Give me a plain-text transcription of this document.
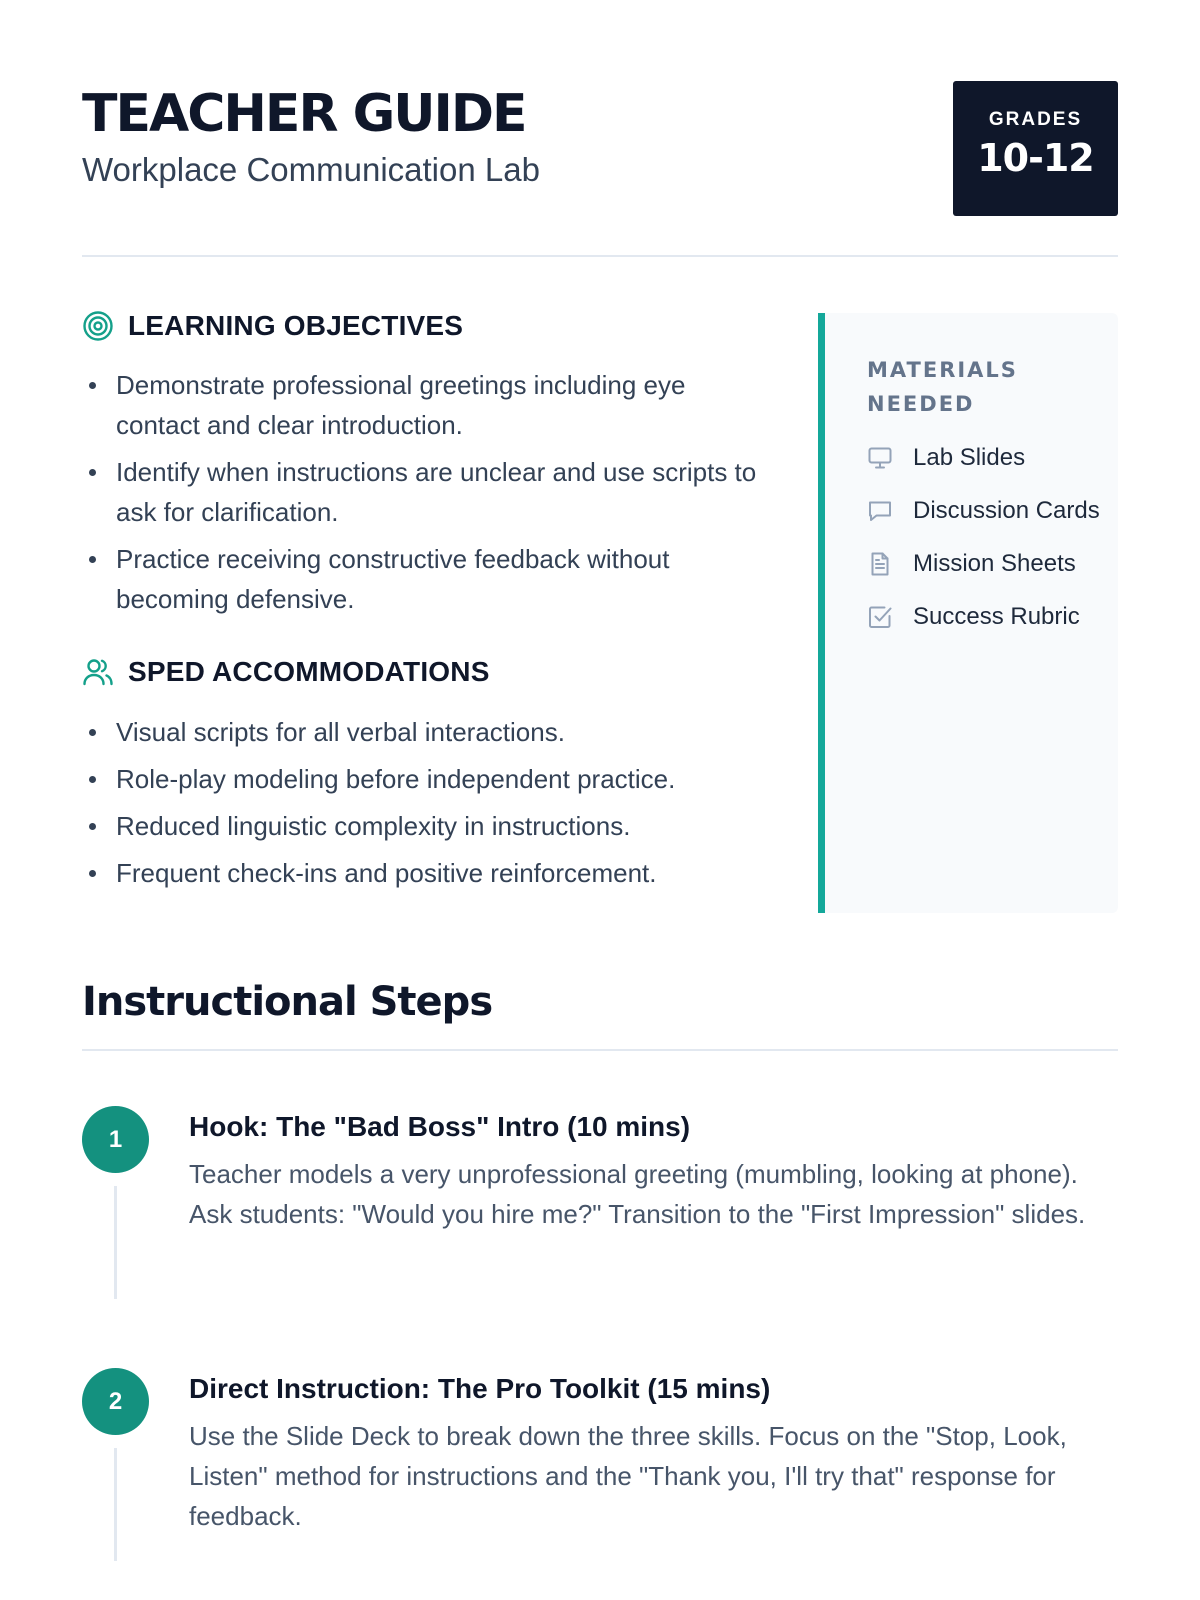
TEACHER GUIDE
Workplace Communication Lab
GRADES
10-12
LEARNING OBJECTIVES
Demonstrate professional greetings including eye contact and clear introduction.
Identify when instructions are unclear and use scripts to ask for clarification.
Practice receiving constructive feedback without becoming defensive.
SPED ACCOMMODATIONS
Visual scripts for all verbal interactions.
Role-play modeling before independent practice.
Reduced linguistic complexity in instructions.
Frequent check-ins and positive reinforcement.
MATERIALS NEEDED
Lab Slides
Discussion Cards
Mission Sheets
Success Rubric
Instructional Steps
1	Hook: The "Bad Boss" Intro (10 mins)

Teacher models a very unprofessional greeting (mumbling, looking at phone). Ask students: "Would you hire me?" Transition to the "First Impression" slides.

2	Direct Instruction: The Pro Toolkit (15 mins)

Use the Slide Deck to break down the three skills. Focus on the "Stop, Look, Listen" method for instructions and the "Thank you, I'll try that" response for feedback.
